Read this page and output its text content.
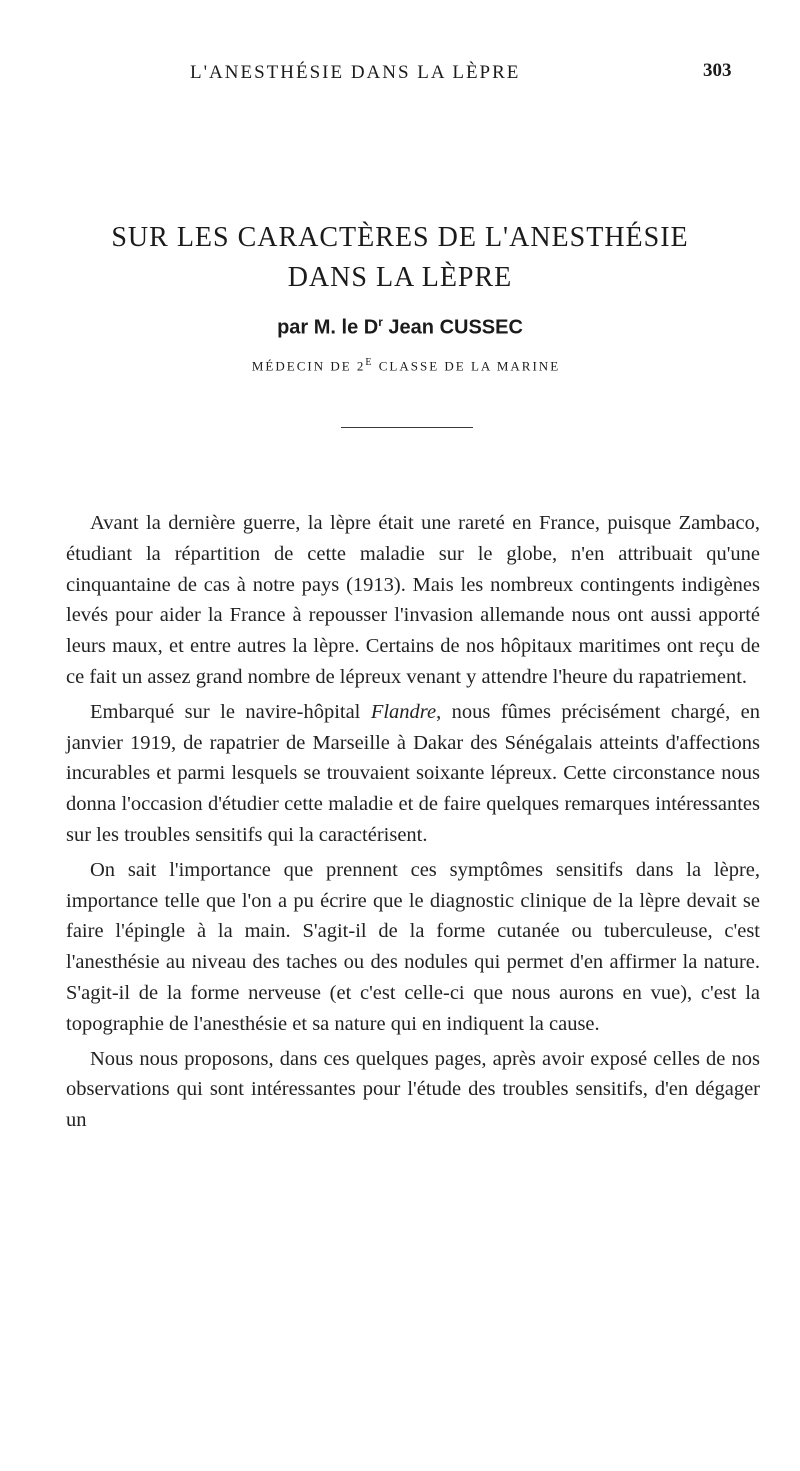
L'ANESTHÉSIE DANS LA LÈPRE	303
SUR LES CARACTÈRES DE L'ANESTHÉSIE
DANS LA LÈPRE
par M. le $D^r$ Jean CUSSEC
MÉDECIN DE $2^E$ CLASSE DE LA MARINE

Avant la dernière guerre, la lèpre était une rareté en France, puisque Zambaco, étudiant la répartition de cette maladie sur le globe, n'en attribuait qu'une cinquantaine de cas à notre pays (1913). Mais les nombreux contingents indigènes levés pour aider la France à repousser l'invasion allemande nous ont aussi apporté leurs maux, et entre autres la lèpre. Certains de nos hôpitaux maritimes ont reçu de ce fait un assez grand nombre de lépreux venant y attendre l'heure du rapatriement.

Embarqué sur le navire-hôpital Flandre, nous fûmes précisément chargé, en janvier 1919, de rapatrier de Marseille à Dakar des Sénégalais atteints d'affections incurables et parmi lesquels se trouvaient soixante lépreux. Cette circonstance nous donna l'occasion d'étudier cette maladie et de faire quelques remarques intéressantes sur les troubles sensitifs qui la caractérisent.

On sait l'importance que prennent ces symptômes sensitifs dans la lèpre, importance telle que l'on a pu écrire que le diagnostic clinique de la lèpre devait se faire l'épingle à la main. S'agit-il de la forme cutanée ou tuberculeuse, c'est l'anesthésie au niveau des taches ou des nodules qui permet d'en affirmer la nature. S'agit-il de la forme nerveuse (et c'est celle-ci que nous aurons en vue), c'est la topographie de l'anesthésie et sa nature qui en indiquent la cause.

Nous nous proposons, dans ces quelques pages, après avoir exposé celles de nos observations qui sont intéressantes pour l'étude des troubles sensitifs, d'en dégager un
